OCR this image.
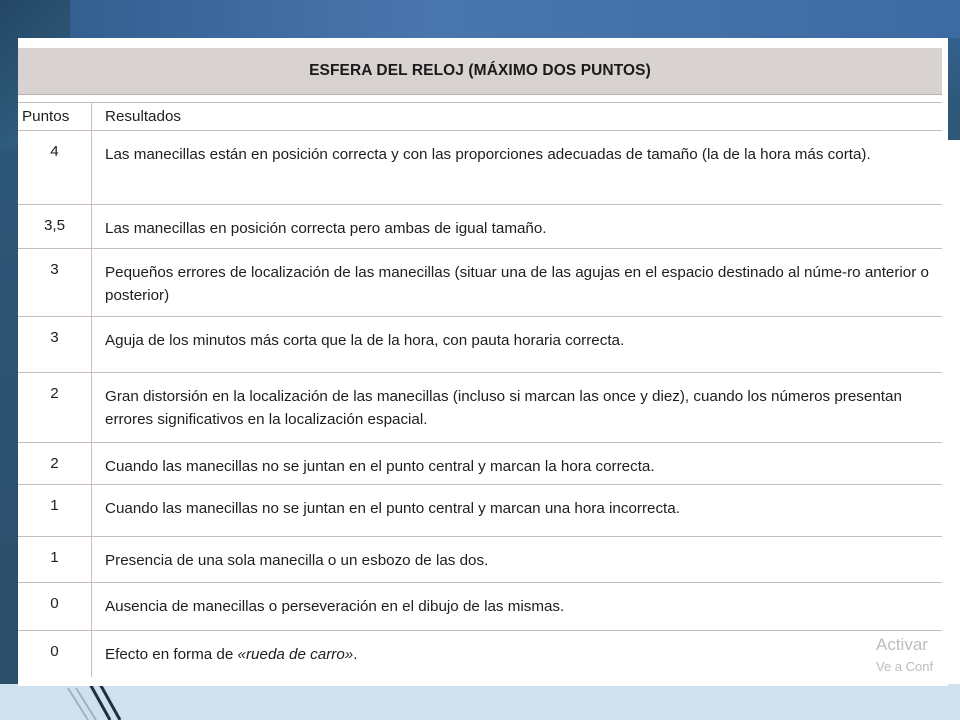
ESFERA DEL RELOJ (MÁXIMO DOS PUNTOS)
Puntos	Resultados
4	Las manecillas están en posición correcta y con las proporciones adecuadas de tamaño (la de la hora más corta).
3,5	Las manecillas en posición correcta pero ambas de igual tamaño.
3	Pequeños errores de localización de las manecillas (situar una de las agujas en el espacio destinado al núme-ro anterior o posterior)
3	Aguja de los minutos más corta que la de la hora, con pauta horaria correcta.
2	Gran distorsión en la localización de las manecillas (incluso si marcan las once y diez), cuando los números presentan errores significativos en la localización espacial.
2	Cuando las manecillas no se juntan en el punto central y marcan la hora correcta.
1	Cuando las manecillas no se juntan en el punto central y marcan una hora incorrecta.
1	Presencia de una sola manecilla o un esbozo de las dos.
0	Ausencia de manecillas o perseveración en el dibujo de las mismas.
0	Efecto en forma de «rueda de carro».
Activar
Ve a Conf
